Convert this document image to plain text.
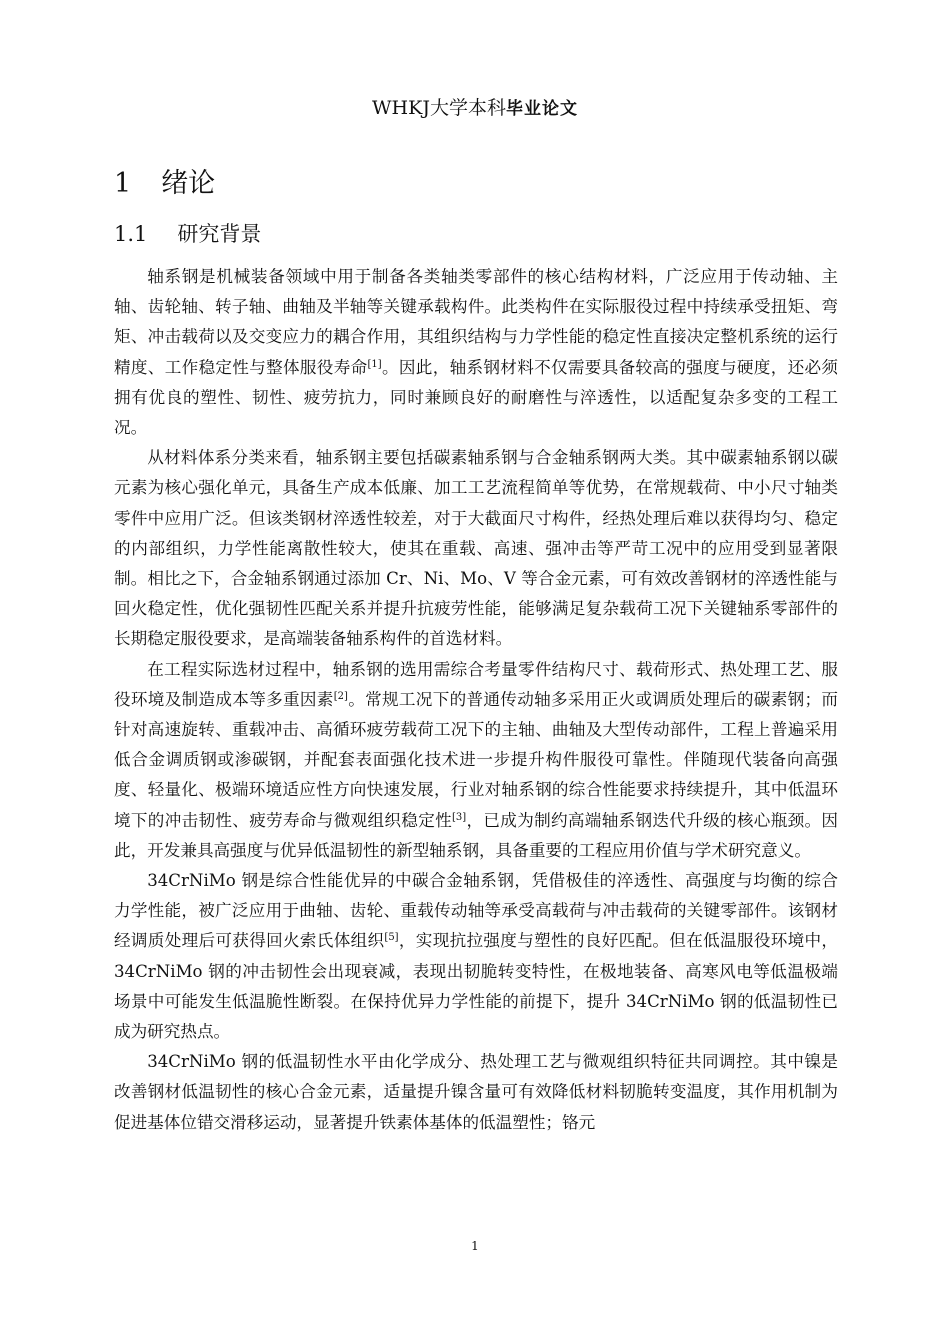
WHKJ大学本科毕业论文
1 绪论
1.1 研究背景

轴系钢是机械装备领域中用于制备各类轴类零部件的核心结构材料，广泛应用于传动轴、主轴、齿轮轴、转子轴、曲轴及半轴等关键承载构件。此类构件在实际服役过程中持续承受扭矩、弯矩、冲击载荷以及交变应力的耦合作用，其组织结构与力学性能的稳定性直接决定整机系统的运行精度、工作稳定性与整体服役寿命[1]。因此，轴系钢材料不仅需要具备较高的强度与硬度，还必须拥有优良的塑性、韧性、疲劳抗力，同时兼顾良好的耐磨性与淬透性，以适配复杂多变的工程工况。

从材料体系分类来看，轴系钢主要包括碳素轴系钢与合金轴系钢两大类。其中碳素轴系钢以碳元素为核心强化单元，具备生产成本低廉、加工工艺流程简单等优势，在常规载荷、中小尺寸轴类零件中应用广泛。但该类钢材淬透性较差，对于大截面尺寸构件，经热处理后难以获得均匀、稳定的内部组织，力学性能离散性较大，使其在重载、高速、强冲击等严苛工况中的应用受到显著限制。相比之下，合金轴系钢通过添加 Cr、Ni、Mo、V 等合金元素，可有效改善钢材的淬透性能与回火稳定性，优化强韧性匹配关系并提升抗疲劳性能，能够满足复杂载荷工况下关键轴系零部件的长期稳定服役要求，是高端装备轴系构件的首选材料。

在工程实际选材过程中，轴系钢的选用需综合考量零件结构尺寸、载荷形式、热处理工艺、服役环境及制造成本等多重因素[2]。常规工况下的普通传动轴多采用正火或调质处理后的碳素钢；而针对高速旋转、重载冲击、高循环疲劳载荷工况下的主轴、曲轴及大型传动部件，工程上普遍采用低合金调质钢或渗碳钢，并配套表面强化技术进一步提升构件服役可靠性。伴随现代装备向高强度、轻量化、极端环境适应性方向快速发展，行业对轴系钢的综合性能要求持续提升，其中低温环境下的冲击韧性、疲劳寿命与微观组织稳定性[3]，已成为制约高端轴系钢迭代升级的核心瓶颈。因此，开发兼具高强度与优异低温韧性的新型轴系钢，具备重要的工程应用价值与学术研究意义。

34CrNiMo 钢是综合性能优异的中碳合金轴系钢，凭借极佳的淬透性、高强度与均衡的综合力学性能，被广泛应用于曲轴、齿轮、重载传动轴等承受高载荷与冲击载荷的关键零部件。该钢材经调质处理后可获得回火索氏体组织[5]，实现抗拉强度与塑性的良好匹配。但在低温服役环境中，34CrNiMo 钢的冲击韧性会出现衰减，表现出韧脆转变特性，在极地装备、高寒风电等低温极端场景中可能发生低温脆性断裂。在保持优异力学性能的前提下，提升 34CrNiMo 钢的低温韧性已成为研究热点。

34CrNiMo 钢的低温韧性水平由化学成分、热处理工艺与微观组织特征共同调控。其中镍是改善钢材低温韧性的核心合金元素，适量提升镍含量可有效降低材料韧脆转变温度，其作用机制为促进基体位错交滑移运动，显著提升铁素体基体的低温塑性；铬元

1
